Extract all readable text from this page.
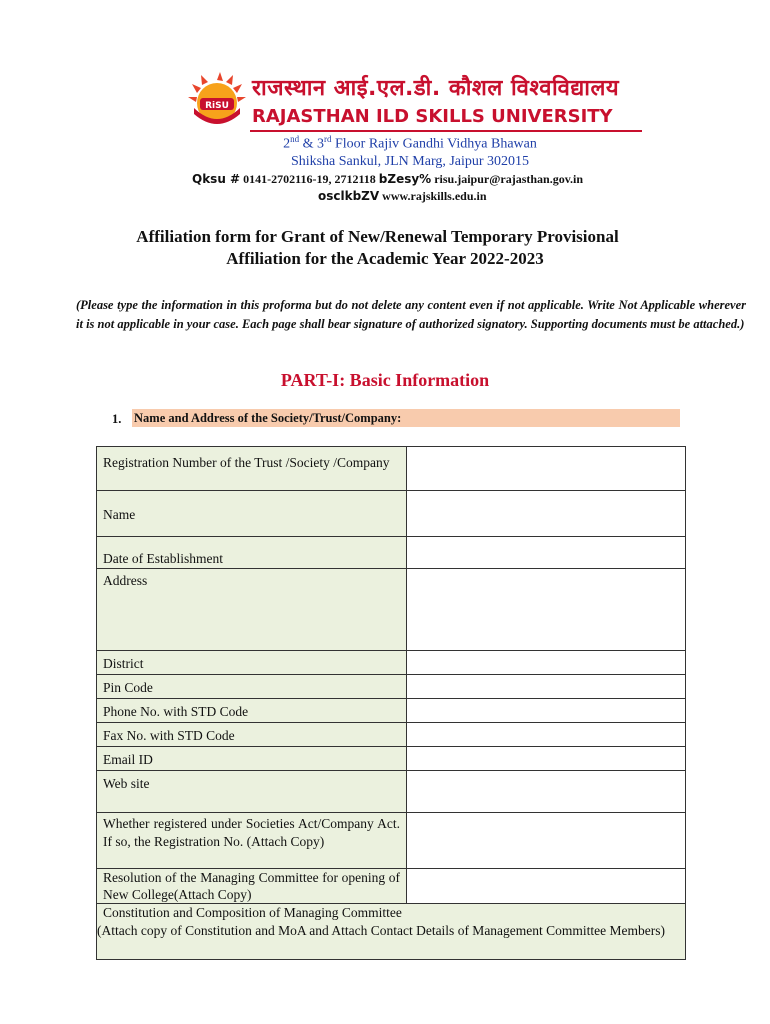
RiSU
राजस्थान आई.एल.डी. कौशल विश्वविद्यालय
RAJASTHAN ILD SKILLS UNIVERSITY
2nd & 3rd Floor Rajiv Gandhi Vidhya Bhawan
Shiksha Sankul, JLN Marg, Jaipur 302015
Qksu # 0141-2702116-19, 2712118 bZesy% risu.jaipur@rajasthan.gov.in
osclkbZV www.rajskills.edu.in
Affiliation form for Grant of New/Renewal Temporary Provisional
Affiliation for the Academic Year 2022-2023
(Please type the information in this proforma but do not delete any content even if not applicable. Write Not Applicable wherever it is not applicable in your case. Each page shall bear signature of authorized signatory. Supporting documents must be attached.)
PART-I: Basic Information
1. Name and Address of the Society/Trust/Company:
Registration Number of the Trust /Society /Company	
Name	
Date of Establishment	
Address	
District	
Pin Code	
Phone No. with STD Code	
Fax No. with STD Code	
Email ID	
Web site	
Whether registered under Societies Act/Company Act. If so, the Registration No. (Attach Copy)	
Resolution of the Managing Committee for opening of New College(Attach Copy)	

Constitution and Composition of Managing Committee
(Attach copy of Constitution and MoA and Attach Contact Details of Management Committee Members)	
